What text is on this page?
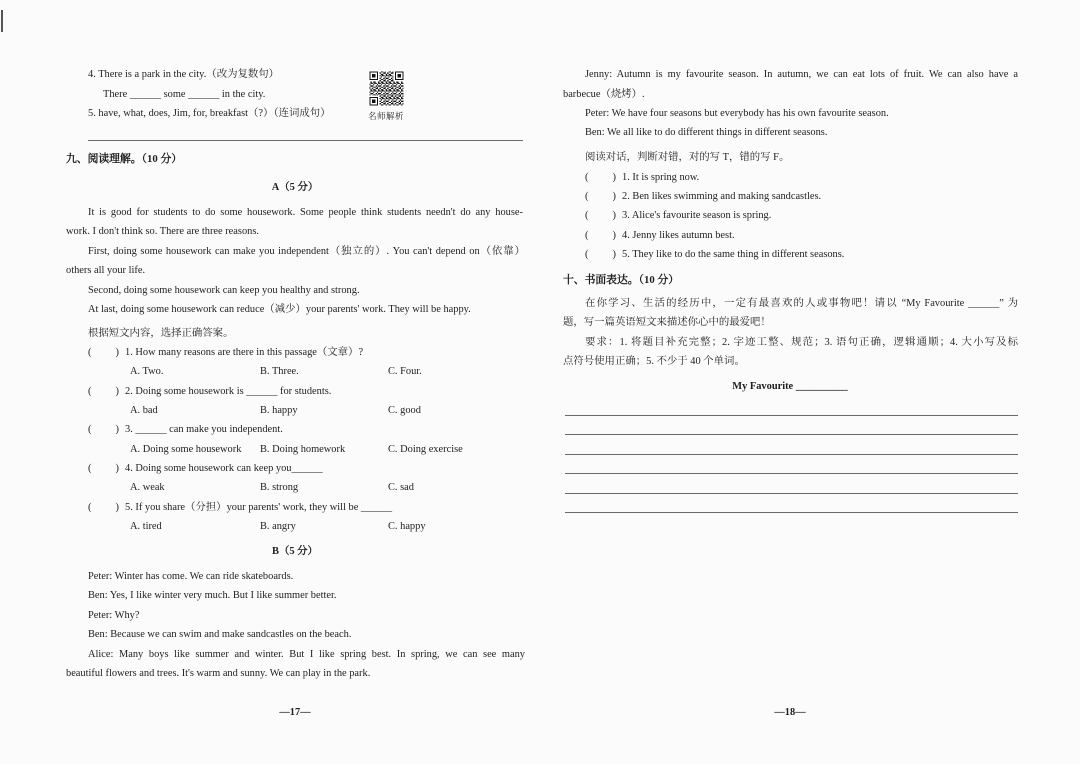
4. There is a park in the city.（改为复数句）
There ______ some ______ in the city.
5. have, what, does, Jim, for, breakfast（?）（连词成句）	名师解析
九、阅读理解。（10 分）
A（5 分）
It is good for students to do some housework. Some people think students needn't do any house-
work. I don't think so. There are three reasons.
First, doing some housework can make you independent（独立的）. You can't depend on（依靠）
others all your life.
Second, doing some housework can keep you healthy and strong.
At last, doing some housework can reduce（减少）your parents' work. They will be happy.
根据短文内容，选择正确答案。
( ) 1. How many reasons are there in this passage（文章）?
A. Two.	B. Three.	C. Four.
( ) 2. Doing some housework is ______ for students.
A. bad	B. happy	C. good
( ) 3. ______ can make you independent.
A. Doing some housework B. Doing homework	C. Doing exercise
( ) 4. Doing some housework can keep you______
A. weak	B. strong	C. sad
( ) 5. If you share（分担）your parents' work, they will be ______
A. tired	B. angry	C. happy
B（5 分）
Peter: Winter has come. We can ride skateboards.
Ben: Yes, I like winter very much. But I like summer better.
Peter: Why?
Ben: Because we can swim and make sandcastles on the beach.
Alice: Many boys like summer and winter. But I like spring best. In spring, we can see many
beautiful flowers and trees. It's warm and sunny. We can play in the park.
—17—
Jenny: Autumn is my favourite season. In autumn, we can eat lots of fruit. We can also have a
barbecue（烧烤）.
Peter: We have four seasons but everybody has his own favourite season.
Ben: We all like to do different things in different seasons.
阅读对话，判断对错，对的写 T，错的写 F。
( ) 1. It is spring now.
( ) 2. Ben likes swimming and making sandcastles.
( ) 3. Alice's favourite season is spring.
( ) 4. Jenny likes autumn best.
( ) 5. They like to do the same thing in different seasons.
十、书面表达。（10 分）
在你学习、生活的经历中，一定有最喜欢的人或事物吧！请以 “My Favourite ______” 为
题，写一篇英语短文来描述你心中的最爱吧！
要求：1. 将题目补充完整；2. 字迹工整、规范；3. 语句正确，逻辑通顺；4. 大小写及标
点符号使用正确；5. 不少于 40 个单词。
My Favourite __________
—18—
